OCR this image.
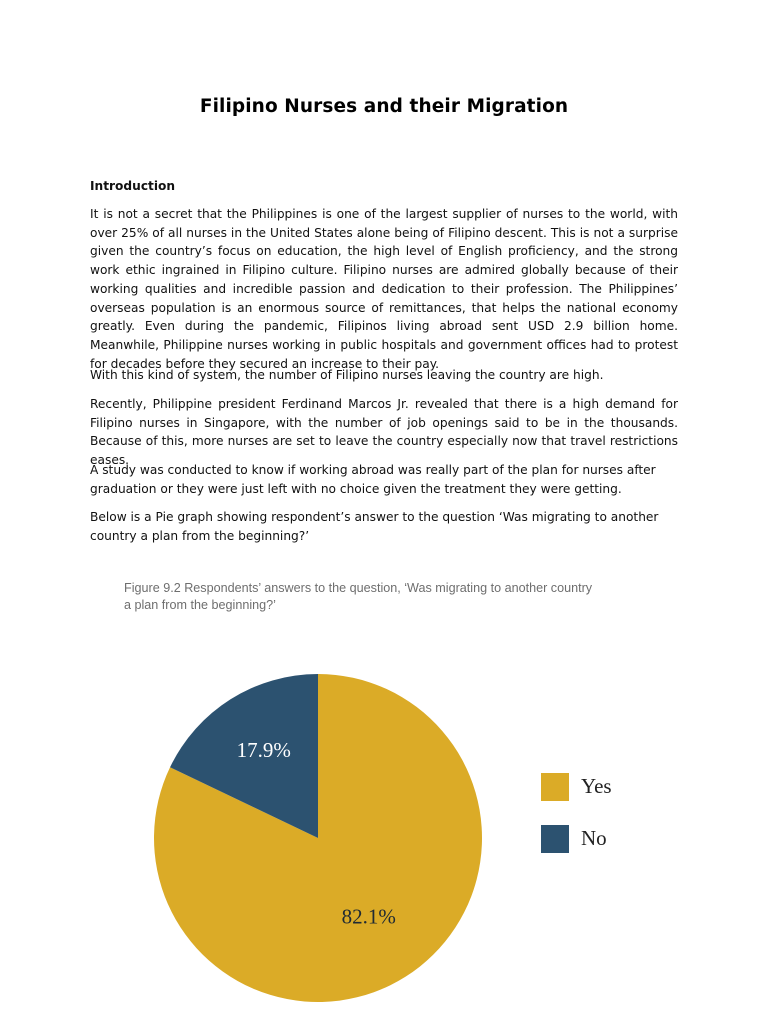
Filipino Nurses and their Migration
Introduction
It is not a secret that the Philippines is one of the largest supplier of nurses to the world, with over 25% of all nurses in the United States alone being of Filipino descent. This is not a surprise given the country’s focus on education, the high level of English proficiency, and the strong work ethic ingrained in Filipino culture. Filipino nurses are admired globally because of their working qualities and incredible passion and dedication to their profession. The Philippines’ overseas population is an enormous source of remittances, that helps the national economy greatly. Even during the pandemic, Filipinos living abroad sent USD 2.9 billion home. Meanwhile, Philippine nurses working in public hospitals and government offices had to protest for decades before they secured an increase to their pay.
With this kind of system, the number of Filipino nurses leaving the country are high.
Recently, Philippine president Ferdinand Marcos Jr. revealed that there is a high demand for Filipino nurses in Singapore, with the number of job openings said to be in the thousands. Because of this, more nurses are set to leave the country especially now that travel restrictions eases.
A study was conducted to know if working abroad was really part of the plan for nurses after graduation or they were just left with no choice given the treatment they were getting.
Below is a Pie graph showing respondent’s answer to the question ‘Was migrating to another country a plan from the beginning?’
Figure 9.2 Respondents’ answers to the question, ‘Was migrating to another country
a plan from the beginning?’
82.1%
17.9%
Yes
No
